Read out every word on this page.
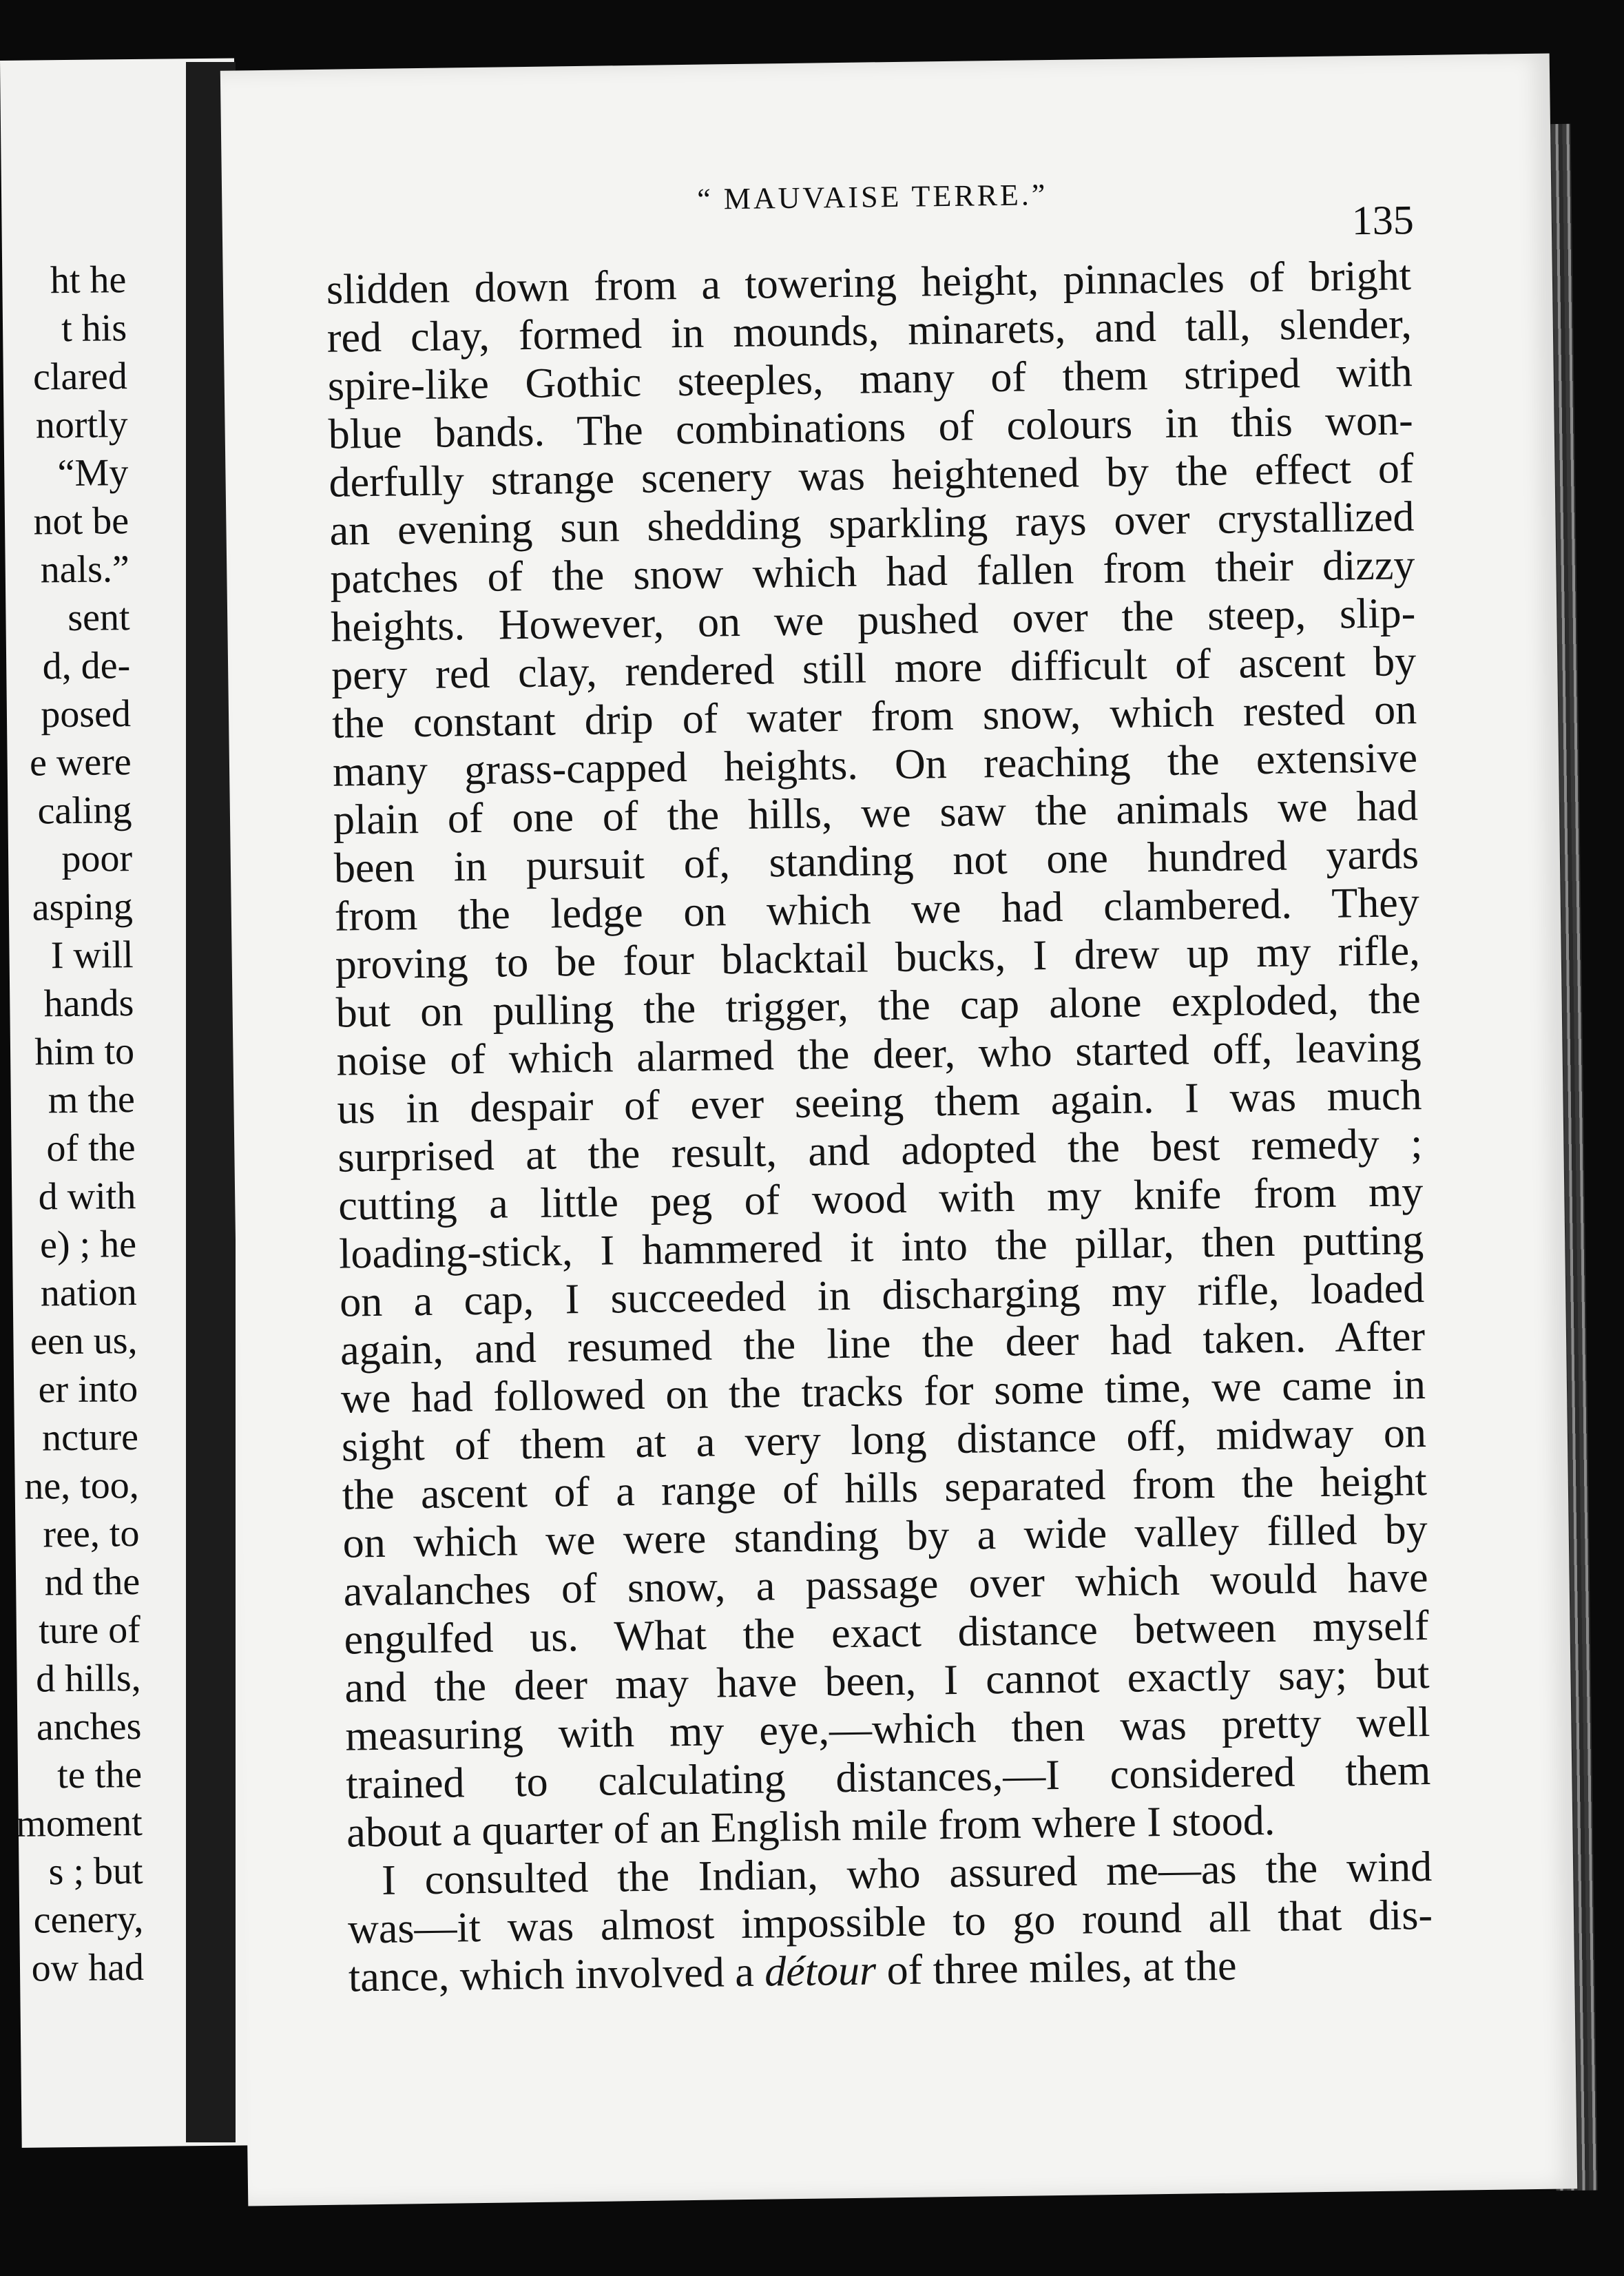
ht he
t his
clared
nortly
“My
not be
nals.”
sent
d, de-
posed
e were
caling
poor
asping
I will
hands
him to
m the
of the
d with
e) ; he
nation
een us,
er into
ncture
ne, too,
ree, to
nd the
ture of
d hills,
anches
te the
moment
s ; but
cenery,
ow had
“ MAUVAISE TERRE.”
135
slidden down from a towering height, pinnacles of bright
red clay, formed in mounds, minarets, and tall, slender,
spire-like Gothic steeples, many of them striped with
blue bands. The combinations of colours in this won-
derfully strange scenery was heightened by the effect of
an evening sun shedding sparkling rays over crystallized
patches of the snow which had fallen from their dizzy
heights. However, on we pushed over the steep, slip-
pery red clay, rendered still more difficult of ascent by
the constant drip of water from snow, which rested on
many grass-capped heights. On reaching the extensive
plain of one of the hills, we saw the animals we had
been in pursuit of, standing not one hundred yards
from the ledge on which we had clambered. They
proving to be four blacktail bucks, I drew up my rifle,
but on pulling the trigger, the cap alone exploded, the
noise of which alarmed the deer, who started off, leaving
us in despair of ever seeing them again. I was much
surprised at the result, and adopted the best remedy ;
cutting a little peg of wood with my knife from my
loading-stick, I hammered it into the pillar, then putting
on a cap, I succeeded in discharging my rifle, loaded
again, and resumed the line the deer had taken. After
we had followed on the tracks for some time, we came in
sight of them at a very long distance off, midway on
the ascent of a range of hills separated from the height
on which we were standing by a wide valley filled by
avalanches of snow, a passage over which would have
engulfed us. What the exact distance between myself
and the deer may have been, I cannot exactly say; but
measuring with my eye,—which then was pretty well
trained to calculating distances,—I considered them
about a quarter of an English mile from where I stood.
I consulted the Indian, who assured me—as the wind
was—it was almost impossible to go round all that dis-
tance, which involved a détour of three miles, at the
